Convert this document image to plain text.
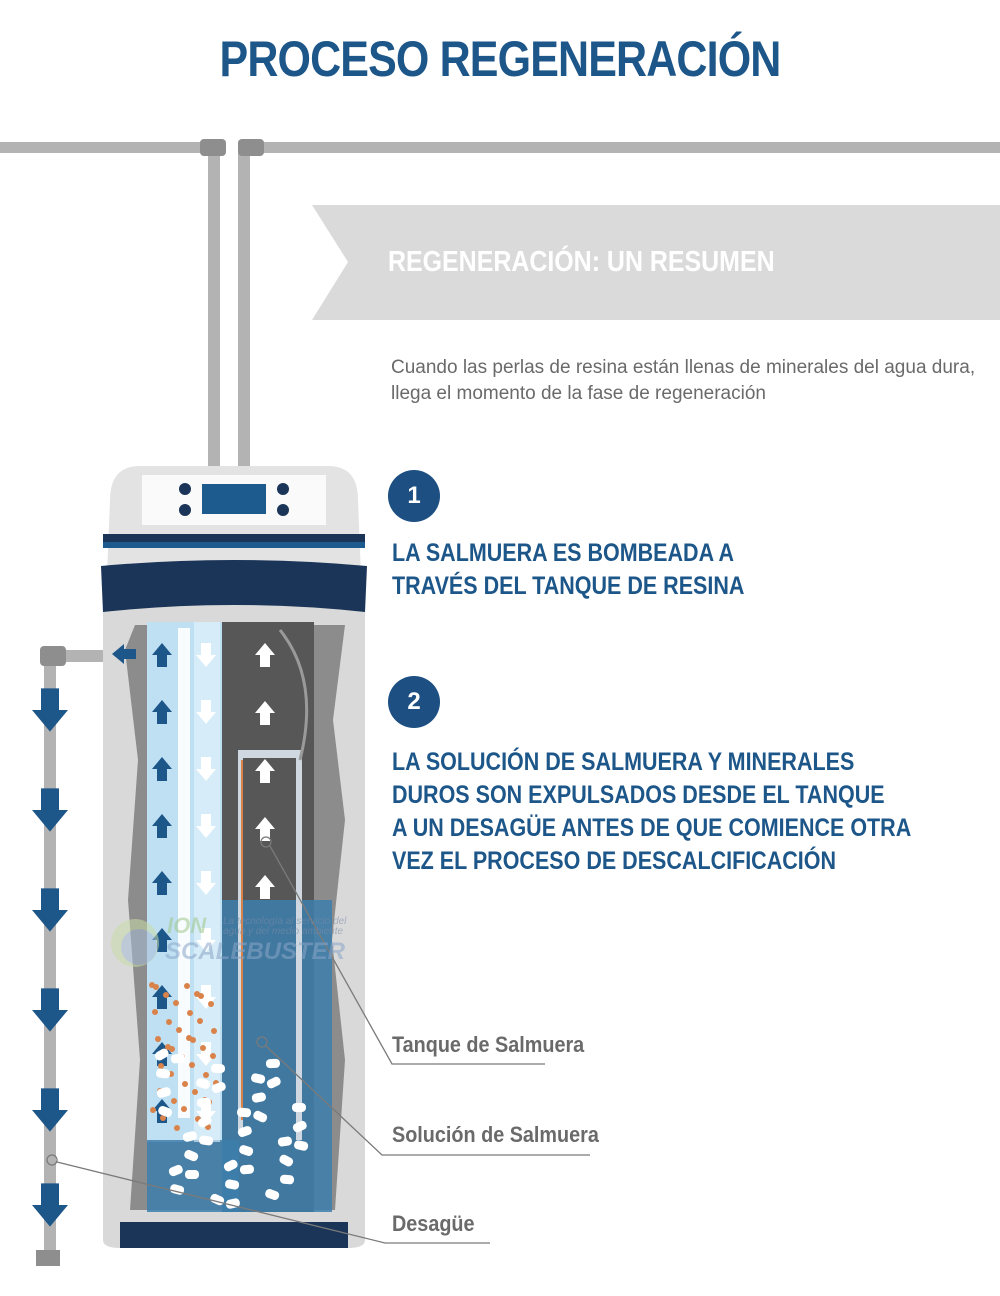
ION La tecnología al servicio del agua y del medio ambiente
SCALEBUSTER
PROCESO REGENERACIÓN
REGENERACIÓN: UN RESUMEN
Cuando las perlas de resina están llenas de minerales del agua dura, llega el momento de la fase de regeneración
1
LA SALMUERA ES BOMBEADA A
TRAVÉS DEL TANQUE DE RESINA
2
LA SOLUCIÓN DE SALMUERA Y MINERALES
DUROS SON EXPULSADOS DESDE EL TANQUE
A UN DESAGÜE ANTES DE QUE COMIENCE OTRA
VEZ EL PROCESO DE DESCALCIFICACIÓN
Tanque de Salmuera
Solución de Salmuera
Desagüe
